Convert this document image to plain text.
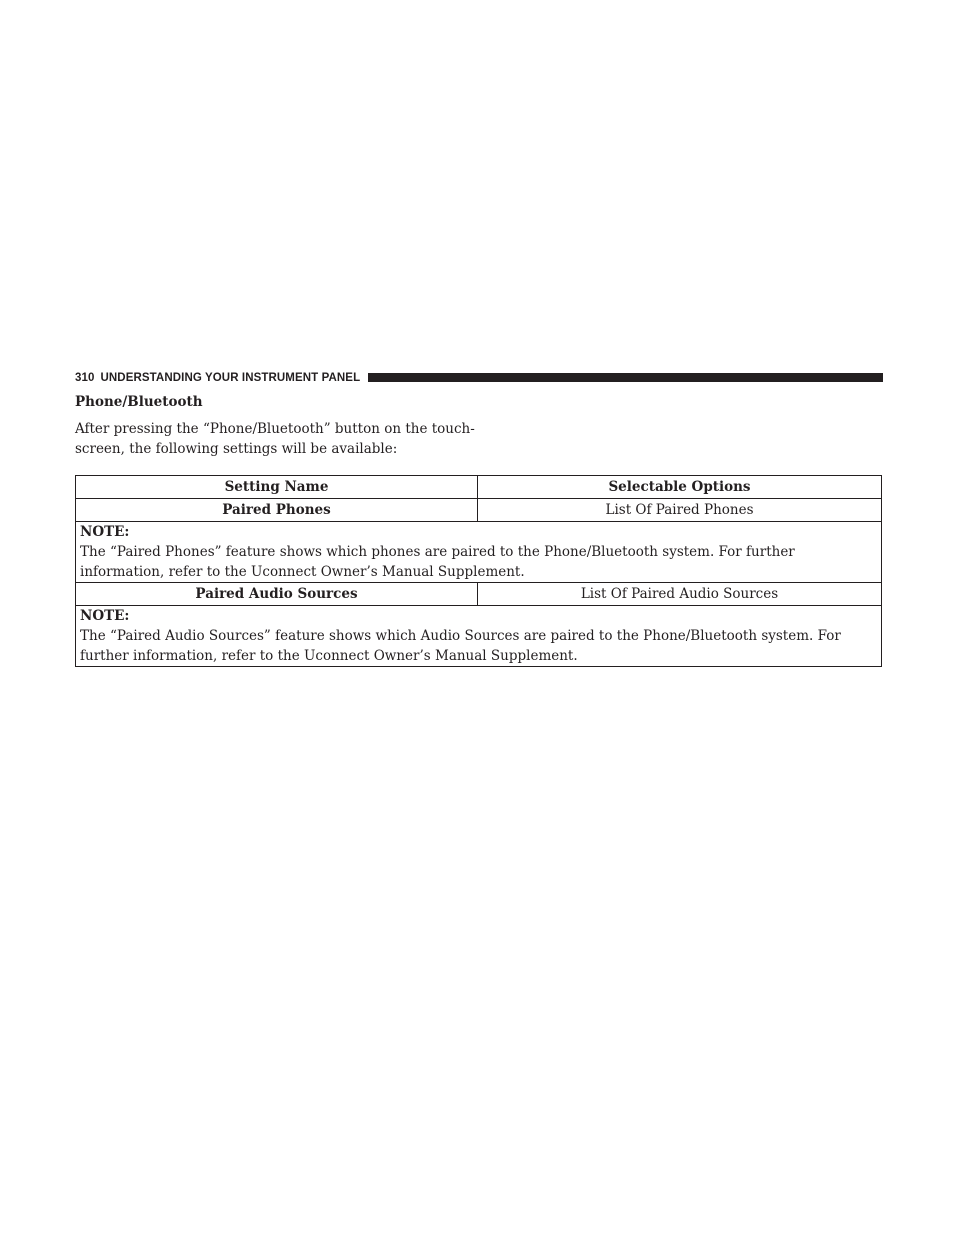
310 UNDERSTANDING YOUR INSTRUMENT PANEL
Phone/Bluetooth

After pressing the “Phone/Bluetooth” button on the touch-screen, the following settings will be available:

Setting Name	Selectable Options
Paired Phones	List Of Paired Phones

NOTE:
The “Paired Phones” feature shows which phones are paired to the Phone/Bluetooth system. For further information, refer to the Uconnect Owner’s Manual Supplement.	

Paired Audio Sources	List Of Paired Audio Sources

NOTE:
The “Paired Audio Sources” feature shows which Audio Sources are paired to the Phone/Bluetooth system. For further information, refer to the Uconnect Owner’s Manual Supplement.	
